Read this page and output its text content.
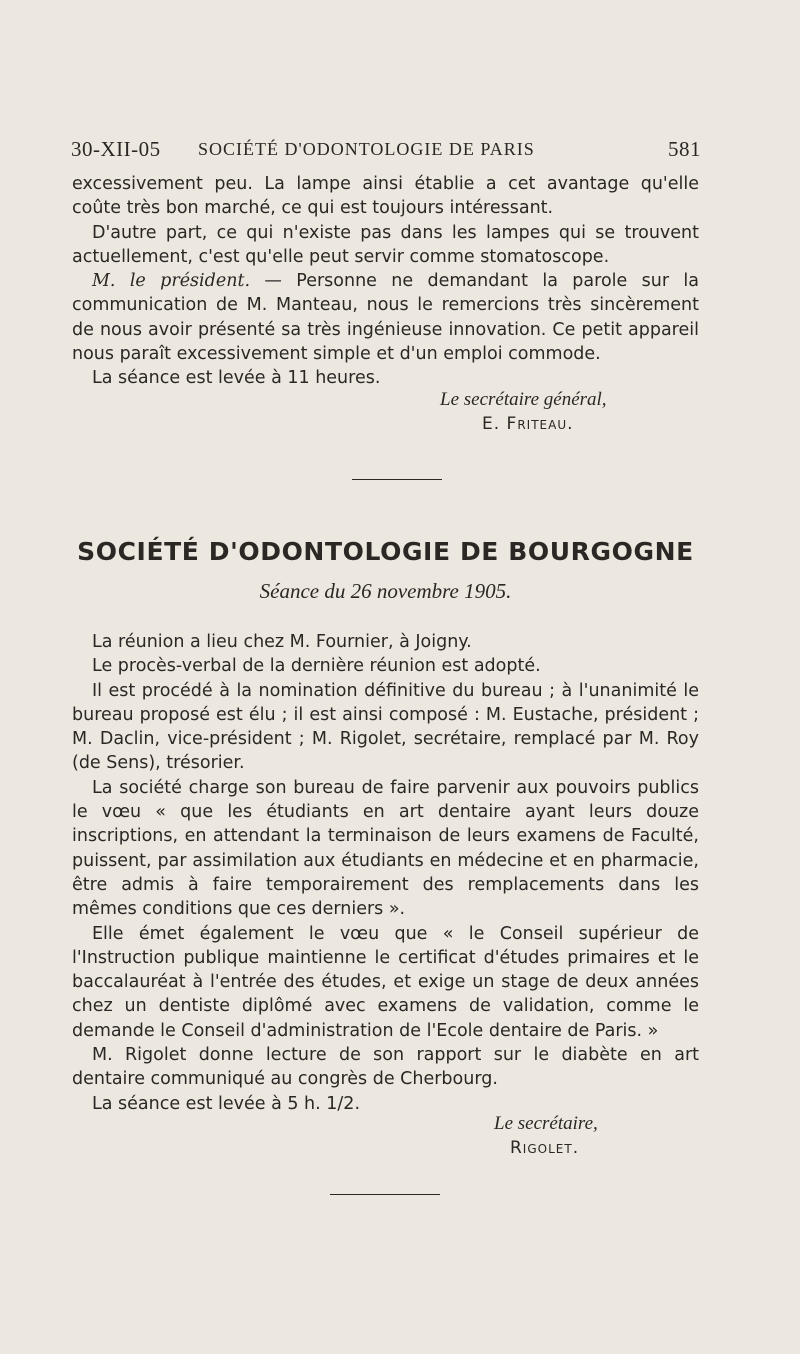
30-XII-05 SOCIÉTÉ D'ODONTOLOGIE DE PARIS	581

excessivement peu. La lampe ainsi établie a cet avantage qu'elle coûte très bon marché, ce qui est toujours intéressant.

D'autre part, ce qui n'existe pas dans les lampes qui se trouvent actuellement, c'est qu'elle peut servir comme stomatoscope.

M. le président. — Personne ne demandant la parole sur la communication de M. Manteau, nous le remercions très sincèrement de nous avoir présenté sa très ingénieuse innovation. Ce petit appareil nous paraît excessivement simple et d'un emploi commode.

La séance est levée à 11 heures.

Le secrétaire général,
E. Friteau.
SOCIÉTÉ D'ODONTOLOGIE DE BOURGOGNE
Séance du 26 novembre 1905.

La réunion a lieu chez M. Fournier, à Joigny.

Le procès-verbal de la dernière réunion est adopté.

Il est procédé à la nomination définitive du bureau ; à l'unanimité le bureau proposé est élu ; il est ainsi composé : M. Eustache, président ; M. Daclin, vice-président ; M. Rigolet, secrétaire, remplacé par M. Roy (de Sens), trésorier.

La société charge son bureau de faire parvenir aux pouvoirs publics le vœu « que les étudiants en art dentaire ayant leurs douze inscriptions, en attendant la terminaison de leurs examens de Faculté, puissent, par assimilation aux étudiants en médecine et en pharmacie, être admis à faire temporairement des remplacements dans les mêmes conditions que ces derniers ».

Elle émet également le vœu que « le Conseil supérieur de l'Instruction publique maintienne le certificat d'études primaires et le baccalauréat à l'entrée des études, et exige un stage de deux années chez un dentiste diplômé avec examens de validation, comme le demande le Conseil d'administration de l'Ecole dentaire de Paris. »

M. Rigolet donne lecture de son rapport sur le diabète en art dentaire communiqué au congrès de Cherbourg.

La séance est levée à 5 h. 1/2.

Le secrétaire,
Rigolet.
